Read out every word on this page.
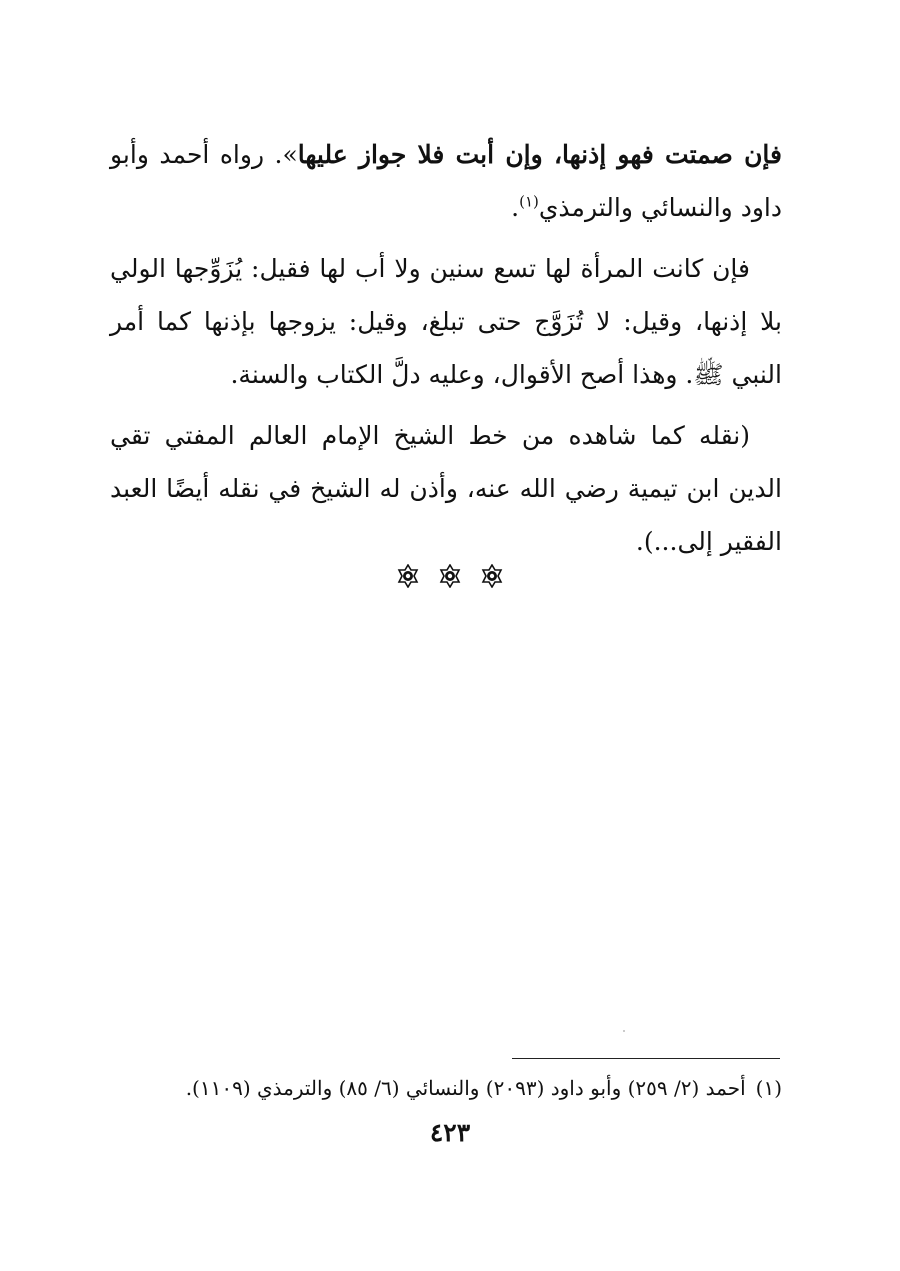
فإن صمتت فهو إذنها، وإن أبت فلا جواز عليها». رواه أحمد وأبو داود والنسائي والترمذي$^{(١)}$.

فإن كانت المرأة لها تسع سنين ولا أب لها فقيل: يُزَوِّجها الولي بلا إذنها، وقيل: لا تُزَوَّج حتى تبلغ، وقيل: يزوجها بإذنها كما أمر النبي ﷺ. وهذا أصح الأقوال، وعليه دلَّ الكتاب والسنة.

(نقله كما شاهده من خط الشيخ الإمام العالم المفتي تقي الدين ابن تيمية رضي الله عنه، وأذن له الشيخ في نقله أيضًا العبد الفقير إلى...).

(١)أحمد (٢/ ٢٥٩) وأبو داود (٢٠٩٣) والنسائي (٦/ ٨٥) والترمذي (١١٠٩).
٤٢٣
